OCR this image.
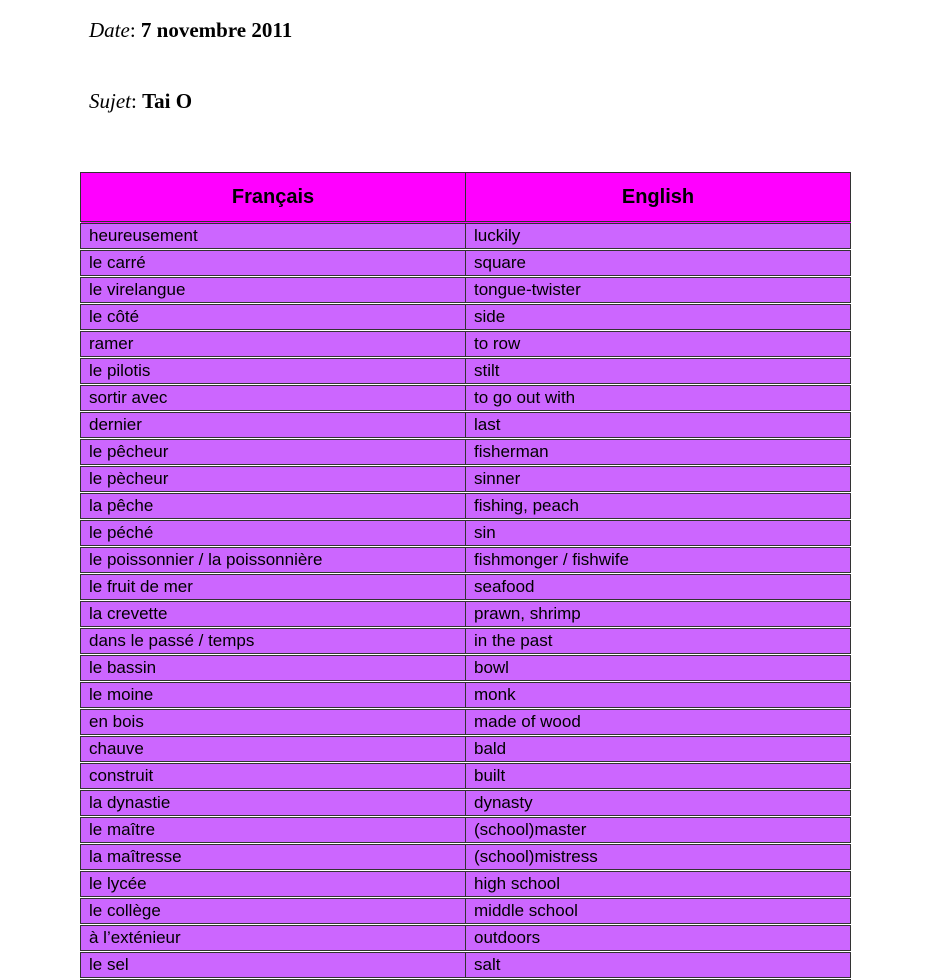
Date: 7 novembre 2011
Sujet: Tai O
Français	English
heureusement	luckily
le carré	square
le virelangue	tongue-twister
le côté	side
ramer	to row
le pilotis	stilt
sortir avec	to go out with
dernier	last
le pêcheur	fisherman
le pècheur	sinner
la pêche	fishing, peach
le péché	sin
le poissonnier / la poissonnière	fishmonger / fishwife
le fruit de mer	seafood
la crevette	prawn, shrimp
dans le passé / temps	in the past
le bassin	bowl
le moine	monk
en bois	made of wood
chauve	bald
construit	built
la dynastie	dynasty
le maître	(school)master
la maîtresse	(school)mistress
le lycée	high school
le collège	middle school
à l’exténieur	outdoors
le sel	salt
